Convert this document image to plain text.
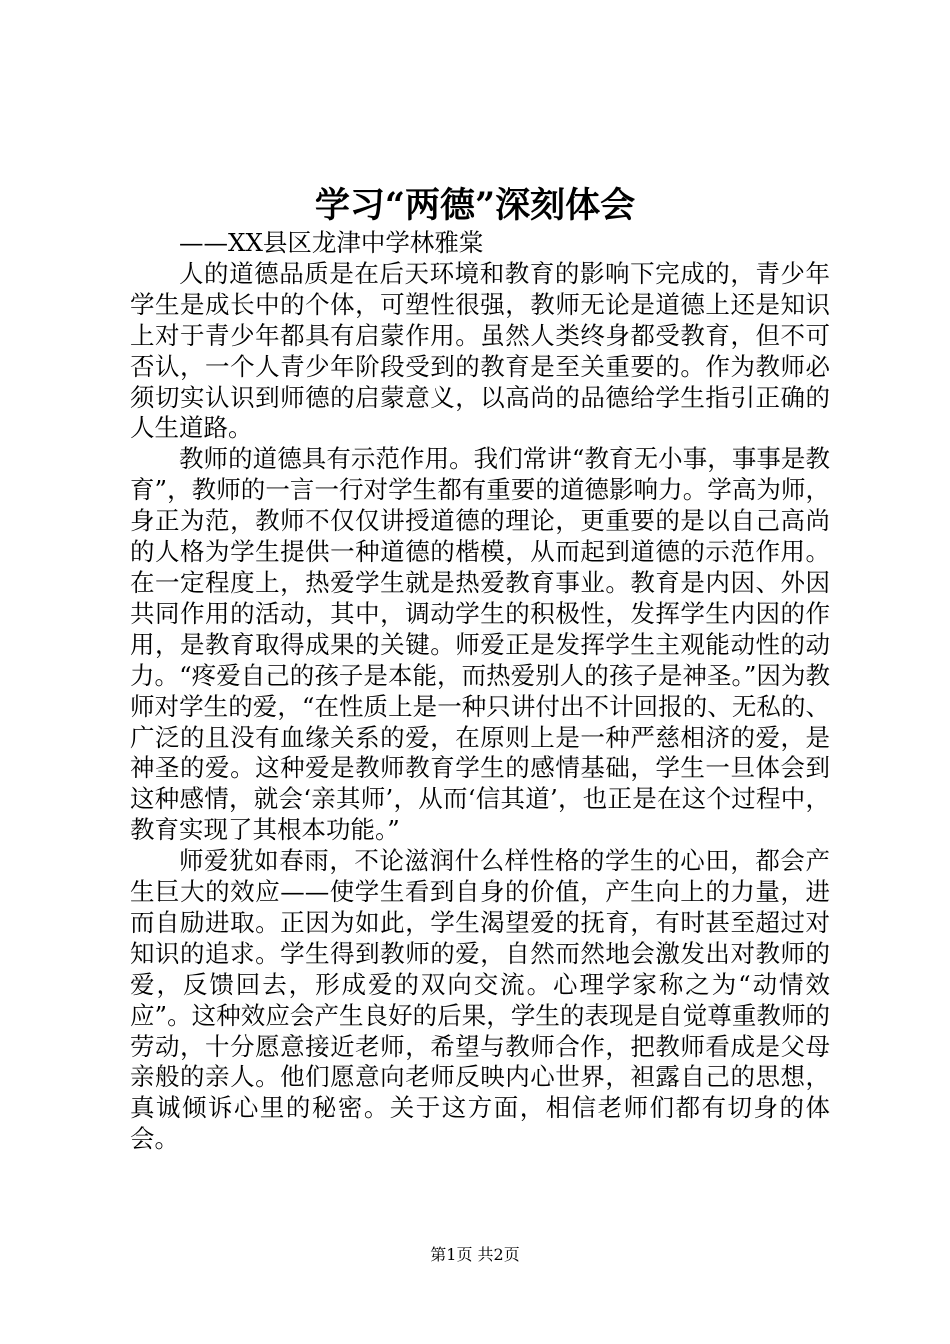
学习“两德”深刻体会

——XX县区龙津中学林雅棠

人的道德品质是在后天环境和教育的影响下完成的，青少年学生是成长中的个体，可塑性很强，教师无论是道德上还是知识上对于青少年都具有启蒙作用。虽然人类终身都受教育，但不可否认，一个人青少年阶段受到的教育是至关重要的。作为教师必须切实认识到师德的启蒙意义，以高尚的品德给学生指引正确的人生道路。

教师的道德具有示范作用。我们常讲“教育无小事，事事是教育”，教师的一言一行对学生都有重要的道德影响力。学高为师，身正为范，教师不仅仅讲授道德的理论，更重要的是以自己高尚的人格为学生提供一种道德的楷模，从而起到道德的示范作用。在一定程度上，热爱学生就是热爱教育事业。教育是内因、外因共同作用的活动，其中，调动学生的积极性，发挥学生内因的作用，是教育取得成果的关键。师爱正是发挥学生主观能动性的动力。“疼爱自己的孩子是本能，而热爱别人的孩子是神圣。”因为教师对学生的爱，“在性质上是一种只讲付出不计回报的、无私的、广泛的且没有血缘关系的爱，在原则上是一种严慈相济的爱，是神圣的爱。这种爱是教师教育学生的感情基础，学生一旦体会到这种感情，就会‘亲其师’，从而‘信其道’，也正是在这个过程中，教育实现了其根本功能。”

师爱犹如春雨，不论滋润什么样性格的学生的心田，都会产生巨大的效应——使学生看到自身的价值，产生向上的力量，进而自励进取。正因为如此，学生渴望爱的抚育，有时甚至超过对知识的追求。学生得到教师的爱，自然而然地会激发出对教师的爱，反馈回去，形成爱的双向交流。心理学家称之为“动情效应”。这种效应会产生良好的后果，学生的表现是自觉尊重教师的劳动，十分愿意接近老师，希望与教师合作，把教师看成是父母亲般的亲人。他们愿意向老师反映内心世界，袒露自己的思想，真诚倾诉心里的秘密。关于这方面，相信老师们都有切身的体会。

第1页 共2页
